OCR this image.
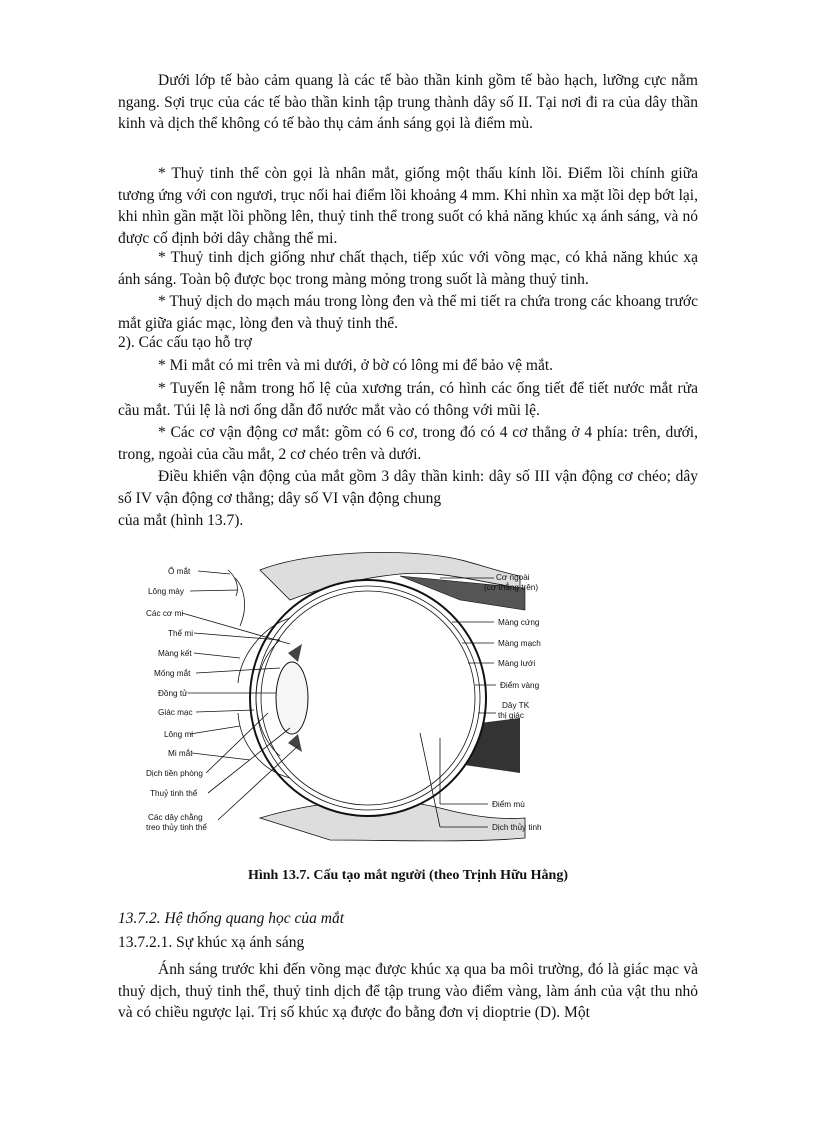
Dưới lớp tế bào cảm quang là các tế bào thần kinh gồm tế bào hạch, lưỡng cực nằm ngang. Sợi trục của các tế bào thần kinh tập trung thành dây số II. Tại nơi đi ra của dây thần kinh và dịch thể không có tế bào thụ cảm ánh sáng gọi là điểm mù.

* Thuỷ tinh thể còn gọi là nhân mắt, giống một thấu kính lồi. Điểm lồi chính giữa tương ứng với con ngươi, trục nối hai điểm lồi khoảng 4 mm. Khi nhìn xa mặt lồi dẹp bớt lại, khi nhìn gần mặt lồi phồng lên, thuỷ tinh thể trong suốt có khả năng khúc xạ ánh sáng, và nó được cố định bởi dây chằng thể mi.

* Thuỷ tinh dịch giống như chất thạch, tiếp xúc với võng mạc, có khả năng khúc xạ ánh sáng. Toàn bộ được bọc trong màng mỏng trong suốt là màng thuỷ tinh.

* Thuỷ dịch do mạch máu trong lòng đen và thể mi tiết ra chứa trong các khoang trước mắt giữa giác mạc, lòng đen và thuỷ tinh thể.

2). Các cấu tạo hỗ trợ

* Mi mắt có mi trên và mi dưới, ở bờ có lông mi để bảo vệ mắt.

* Tuyến lệ nằm trong hố lệ của xương trán, có hình các ống tiết để tiết nước mắt rửa cầu mắt. Túi lệ là nơi ống dẫn đổ nước mắt vào có thông với mũi lệ.

* Các cơ vận động cơ mắt: gồm có 6 cơ, trong đó có 4 cơ thẳng ở 4 phía: trên, dưới, trong, ngoài của cầu mắt, 2 cơ chéo trên và dưới.

Điều khiển vận động của mắt gồm 3 dây thần kinh: dây số III vận động cơ chéo; dây số IV vận động cơ thẳng; dây số VI vận động chung

của mắt (hình 13.7).

Ổ mắt
Lông mày
Các cơ mi
Thể mi
Màng kết
Mống mắt
Đồng tử
Giác mạc
Lông mi
Mi mắt
Dịch tiền phòng
Thuỷ tinh thể
Các dây chằng
treo thủy tinh thể
Cơ ngoài
(cơ thẳng trên)
Màng cứng
Màng mạch
Màng lưới
Điểm vàng
Dây TK
thị giác
Điểm mù
Dịch thủy tinh

Hình 13.7. Cấu tạo mắt người (theo Trịnh Hữu Hằng)

13.7.2. Hệ thống quang học của mắt

13.7.2.1. Sự khúc xạ ánh sáng

Ánh sáng trước khi đến võng mạc được khúc xạ qua ba môi trường, đó là giác mạc và thuỷ dịch, thuỷ tinh thể, thuỷ tinh dịch để tập trung vào điểm vàng, làm ánh của vật thu nhỏ và có chiều ngược lại. Trị số khúc xạ được đo bằng đơn vị dioptrie (D). Một
